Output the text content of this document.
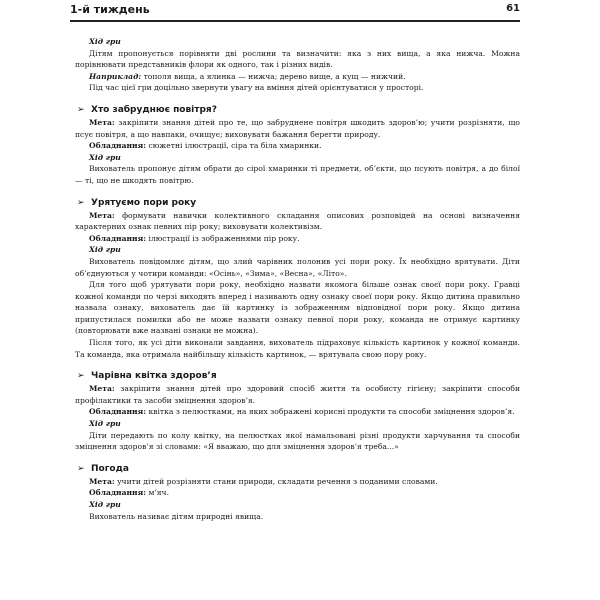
1-й тиждень	61

Хід гри

Дітям пропонується порівняти дві рослини та визначити: яка з них вища, а яка нижча. Можна порівнювати представників флори як одного, так і різних видів.

Наприклад: тополя вища, а ялинка — нижча; дерево вище, а кущ — нижчий.

Під час цієї гри доцільно звернути увагу на вміння дітей орієнтуватися у просторі.

➢ Хто забруднює повітря?

Мета: закріпити знання дітей про те, що забруднене повітря шкодить здоров’ю; учити розрізняти, що псує повітря, а що навпаки, очищує; виховувати бажання берегти природу.

Обладнання: сюжетні ілюстрації, сіра та біла хмаринки.

Хід гри

Вихователь пропонує дітям обрати до сірої хмаринки ті предмети, об’єкти, що псують повітря, а до білої — ті, що не шкодять повітрю.

➢ Урятуємо пори року

Мета: формувати навички колективного складання описових розповідей на основі визначення характерних ознак певних пір року; виховувати колективізм.

Обладнання: ілюстрації із зображеннями пір року.

Хід гри

Вихователь повідомляє дітям, що злий чарівник полонив усі пори року. Їх необхідно врятувати. Діти об’єднуються у чотири команди: «Осінь», «Зима», «Весна», «Літо».

Для того щоб урятувати пори року, необхідно назвати якомога більше ознак своєї пори року. Гравці кожної команди по черзі виходять вперед і називають одну ознаку своєї пори року. Якщо дитина правильно назвала ознаку, вихователь дає їй картинку із зображенням відповідної пори року. Якщо дитина припустилася помилки або не може назвати ознаку певної пори року, команда не отримує картинку (повторювати вже названі ознаки не можна).

Після того, як усі діти виконали завдання, вихователь підраховує кількість картинок у кожної команди. Та команда, яка отримала найбільшу кількість картинок, — врятувала свою пору року.

➢ Чарівна квітка здоров’я

Мета: закріпити знання дітей про здоровий спосіб життя та особисту гігієну; закріпити способи профілактики та засоби зміцнення здоров’я.

Обладнання: квітка з пелюстками, на яких зображені корисні продукти та способи зміцнення здоров’я.

Хід гри

Діти передають по колу квітку, на пелюстках якої намальовані різні продукти харчування та способи зміцнення здоров’я зі словами: «Я вважаю, що для зміцнення здоров’я треба...»

➢ Погода

Мета: учити дітей розрізняти стани природи, складати речення з поданими словами.

Обладнання: м’яч.

Хід гри

Вихователь називає дітям природні явища.
